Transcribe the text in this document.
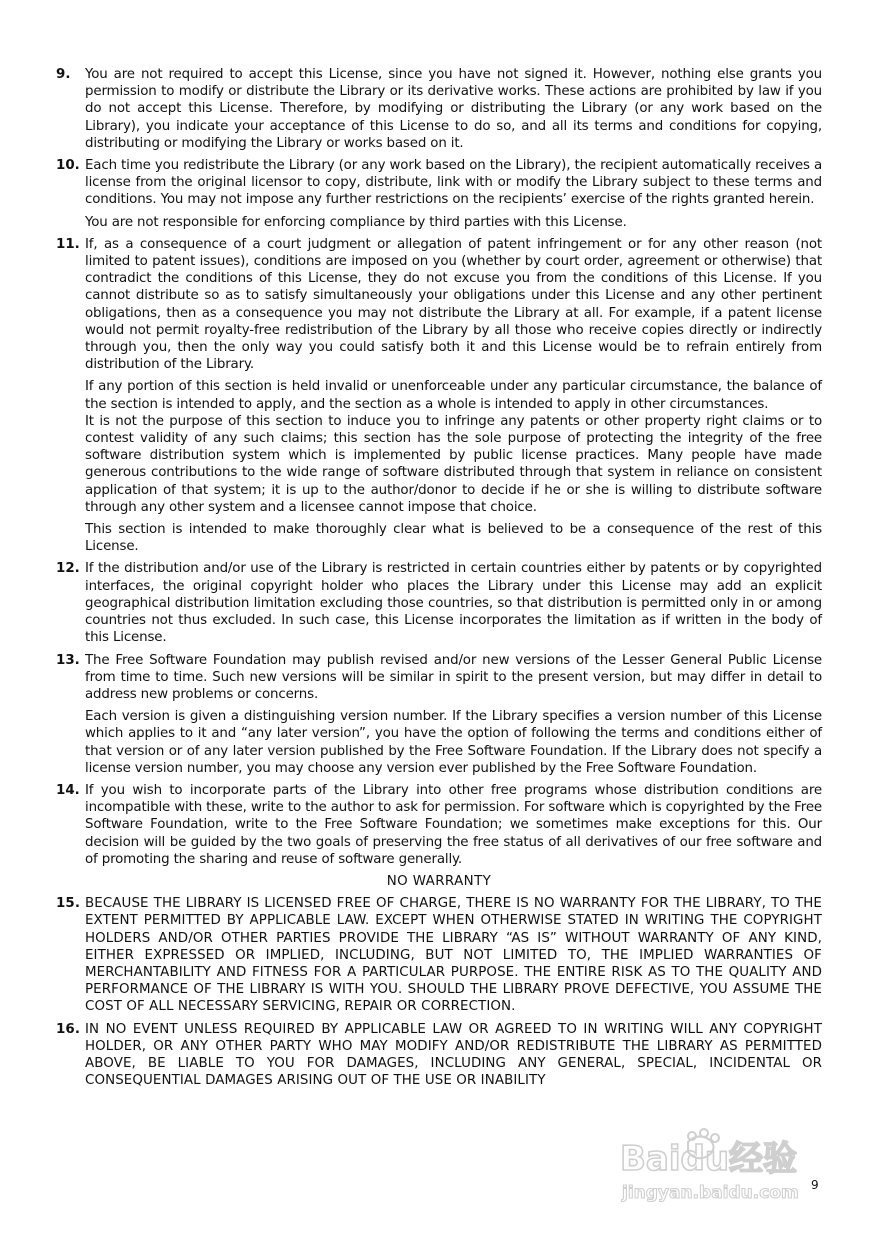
9.	You are not required to accept this License, since you have not signed it. However, nothing else grants you permission to modify or distribute the Library or its derivative works. These actions are prohibited by law if you do not accept this License. Therefore, by modifying or distributing the Library (or any work based on the Library), you indicate your acceptance of this License to do so, and all its terms and conditions for copying, distributing or modifying the Library or works based on it.

10. Each time you redistribute the Library (or any work based on the Library), the recipient automatically receives a license from the original licensor to copy, distribute, link with or modify the Library subject to these terms and conditions. You may not impose any further restrictions on the recipients’ exercise of the rights granted herein.

You are not responsible for enforcing compliance by third parties with this License.

11. If, as a consequence of a court judgment or allegation of patent infringement or for any other reason (not limited to patent issues), conditions are imposed on you (whether by court order, agreement or otherwise) that contradict the conditions of this License, they do not excuse you from the conditions of this License. If you cannot distribute so as to satisfy simultaneously your obligations under this License and any other pertinent obligations, then as a consequence you may not distribute the Library at all. For example, if a patent license would not permit royalty-free redistribution of the Library by all those who receive copies directly or indirectly through you, then the only way you could satisfy both it and this License would be to refrain entirely from distribution of the Library.

If any portion of this section is held invalid or unenforceable under any particular circumstance, the balance of the section is intended to apply, and the section as a whole is intended to apply in other circumstances.

It is not the purpose of this section to induce you to infringe any patents or other property right claims or to contest validity of any such claims; this section has the sole purpose of protecting the integrity of the free software distribution system which is implemented by public license practices. Many people have made generous contributions to the wide range of software distributed through that system in reliance on consistent application of that system; it is up to the author/donor to decide if he or she is willing to distribute software through any other system and a licensee cannot impose that choice.

This section is intended to make thoroughly clear what is believed to be a consequence of the rest of this License.

12. If the distribution and/or use of the Library is restricted in certain countries either by patents or by copyrighted interfaces, the original copyright holder who places the Library under this License may add an explicit geographical distribution limitation excluding those countries, so that distribution is permitted only in or among countries not thus excluded. In such case, this License incorporates the limitation as if written in the body of this License.

13. The Free Software Foundation may publish revised and/or new versions of the Lesser General Public License from time to time. Such new versions will be similar in spirit to the present version, but may differ in detail to address new problems or concerns.

Each version is given a distinguishing version number. If the Library specifies a version number of this License which applies to it and “any later version”, you have the option of following the terms and conditions either of that version or of any later version published by the Free Software Foundation. If the Library does not specify a license version number, you may choose any version ever published by the Free Software Foundation.

14. If you wish to incorporate parts of the Library into other free programs whose distribution conditions are incompatible with these, write to the author to ask for permission. For software which is copyrighted by the Free Software Foundation, write to the Free Software Foundation; we sometimes make exceptions for this. Our decision will be guided by the two goals of preserving the free status of all derivatives of our free software and of promoting the sharing and reuse of software generally.

NO WARRANTY
15. BECAUSE THE LIBRARY IS LICENSED FREE OF CHARGE, THERE IS NO WARRANTY FOR THE LIBRARY, TO THE EXTENT PERMITTED BY APPLICABLE LAW. EXCEPT WHEN OTHERWISE STATED IN WRITING THE COPYRIGHT HOLDERS AND/OR OTHER PARTIES PROVIDE THE LIBRARY “AS IS” WITHOUT WARRANTY OF ANY KIND, EITHER EXPRESSED OR IMPLIED, INCLUDING, BUT NOT LIMITED TO, THE IMPLIED WARRANTIES OF MERCHANTABILITY AND FITNESS FOR A PARTICULAR PURPOSE. THE ENTIRE RISK AS TO THE QUALITY AND PERFORMANCE OF THE LIBRARY IS WITH YOU. SHOULD THE LIBRARY PROVE DEFECTIVE, YOU ASSUME THE COST OF ALL NECESSARY SERVICING, REPAIR OR CORRECTION.

16. IN NO EVENT UNLESS REQUIRED BY APPLICABLE LAW OR AGREED TO IN WRITING WILL ANY COPYRIGHT HOLDER, OR ANY OTHER PARTY WHO MAY MODIFY AND/OR REDISTRIBUTE THE LIBRARY AS PERMITTED ABOVE, BE LIABLE TO YOU FOR DAMAGES, INCLUDING ANY GENERAL, SPECIAL, INCIDENTAL OR CONSEQUENTIAL DAMAGES ARISING OUT OF THE USE OR INABILITY

9
Baidu经验
jingyan.baidu.com
